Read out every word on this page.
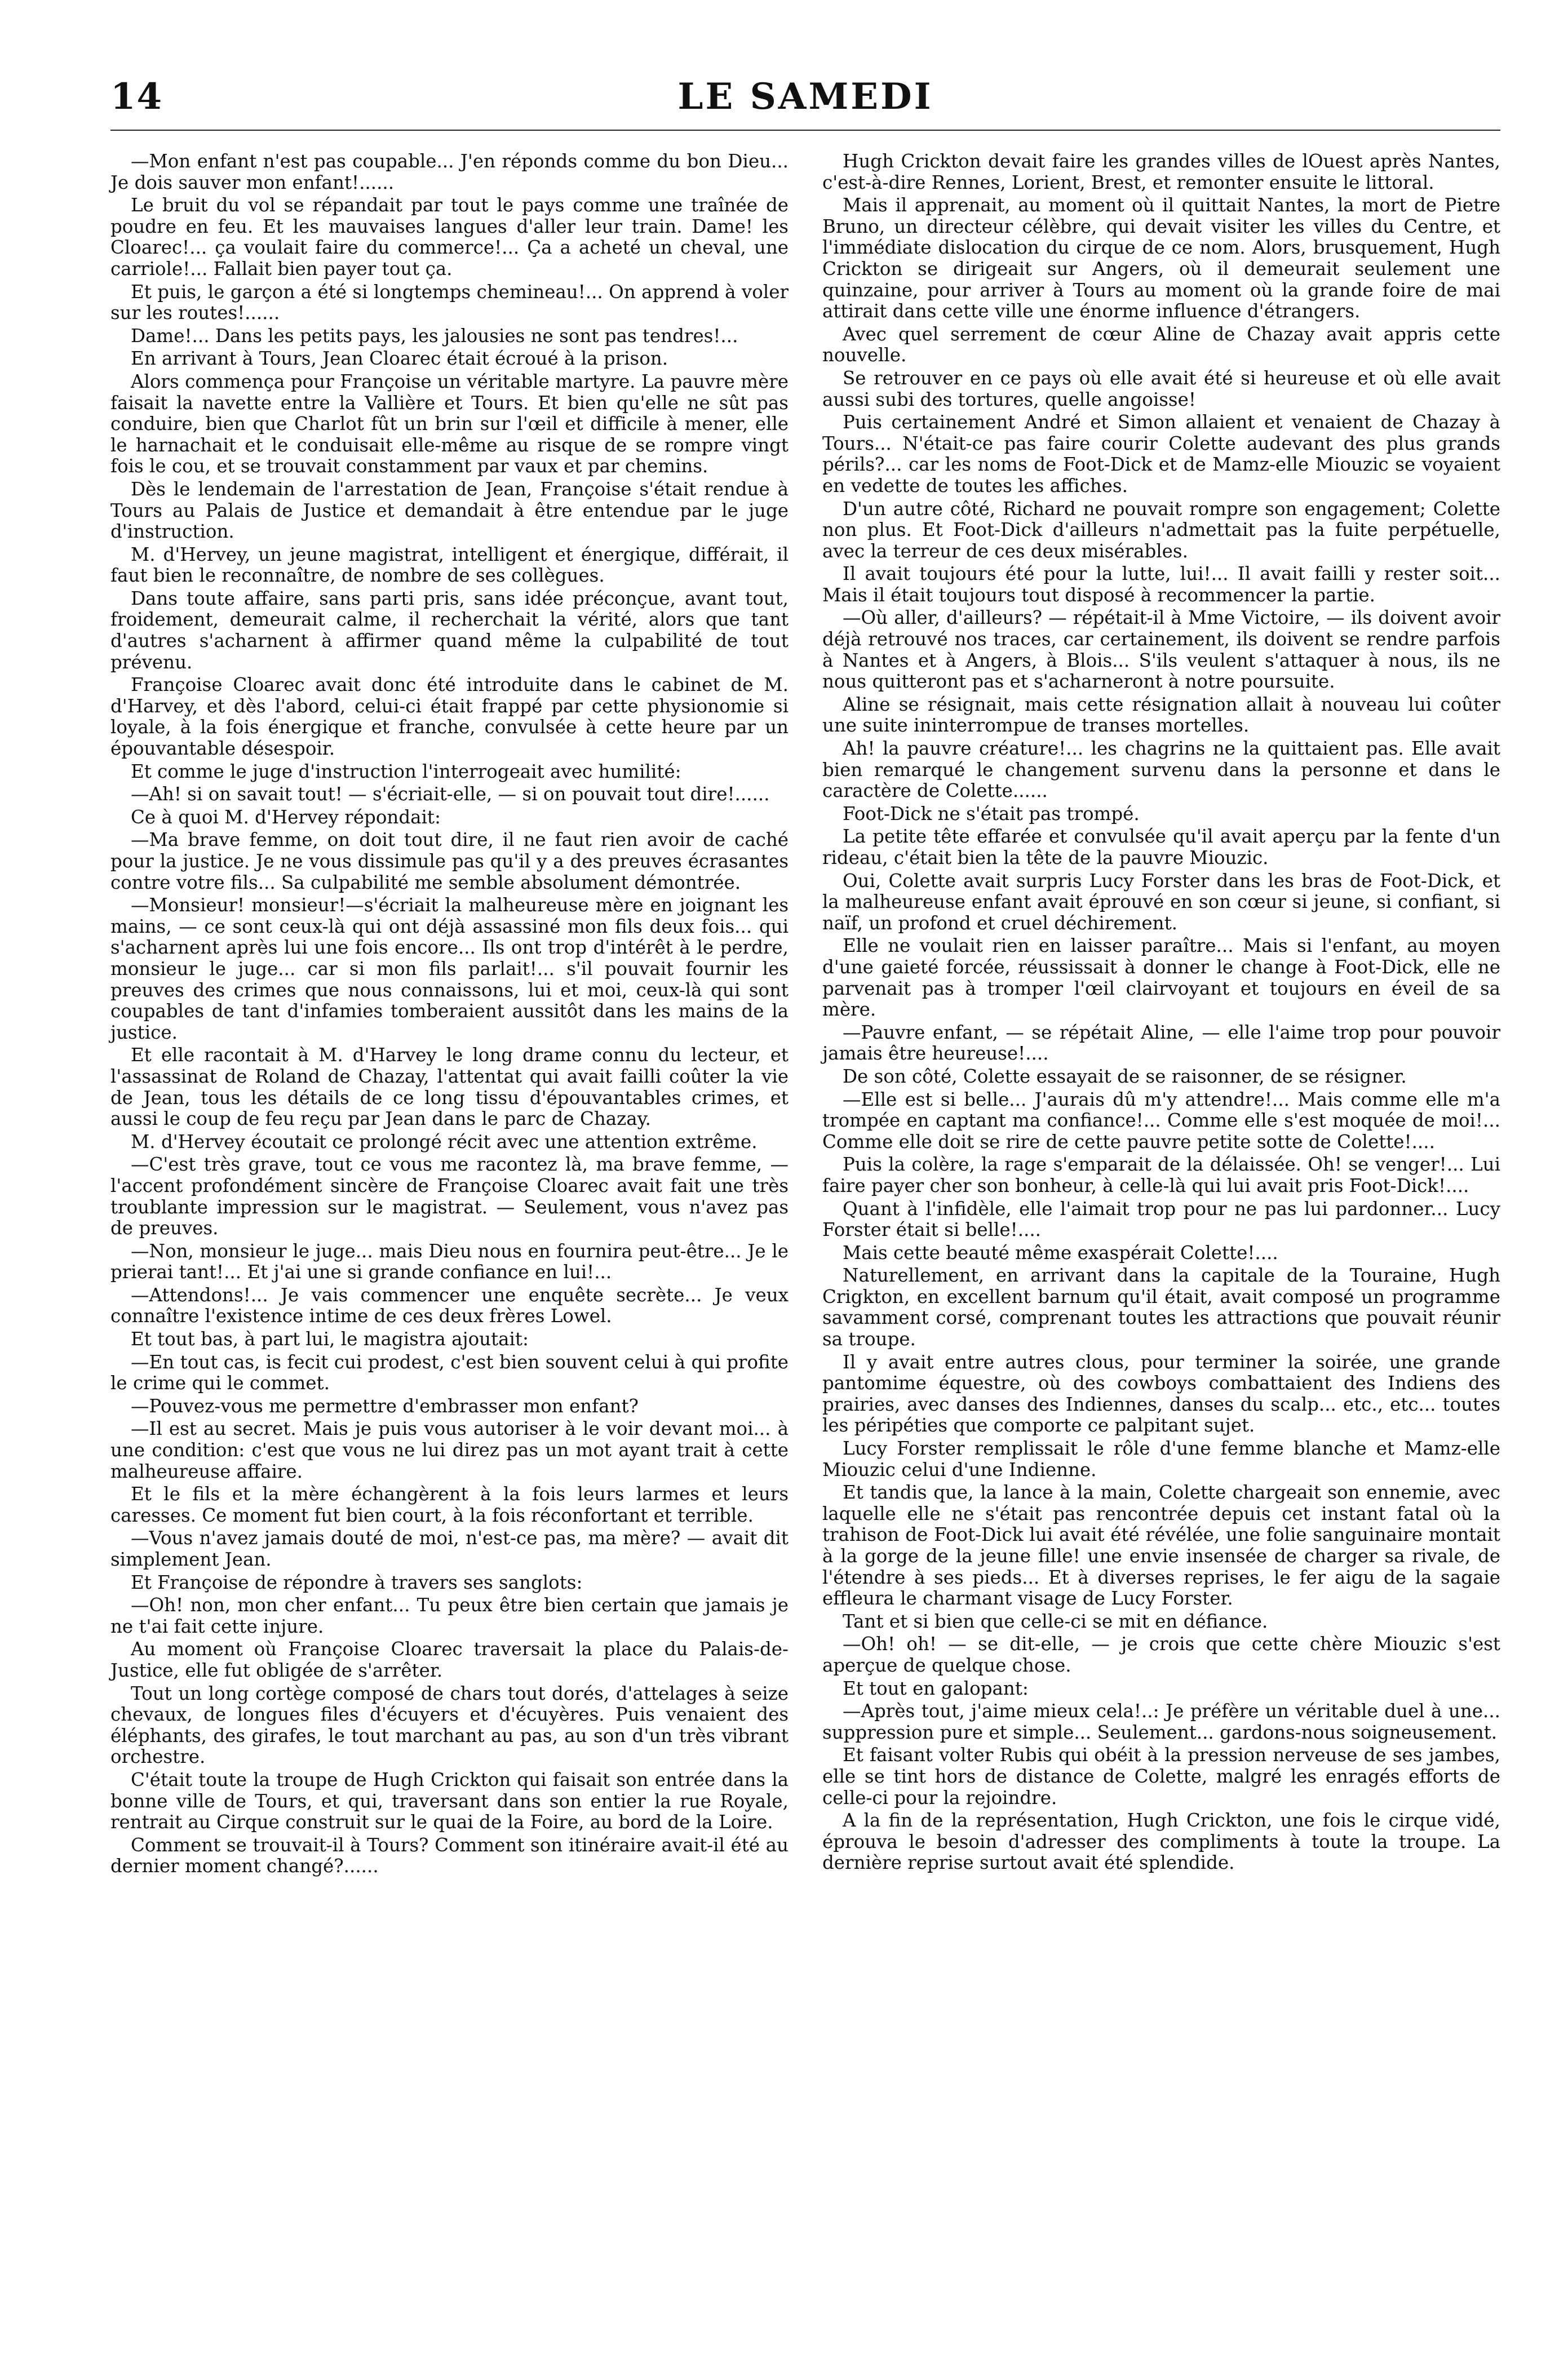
14	LE SAMEDI

—Mon enfant n'est pas coupable... J'en réponds comme du bon Dieu... Je dois sauver mon enfant!......

Le bruit du vol se répandait par tout le pays comme une traînée de poudre en feu. Et les mauvaises langues d'aller leur train. Dame! les Cloarec!... ça voulait faire du commerce!... Ça a acheté un cheval, une carriole!... Fallait bien payer tout ça.

Et puis, le garçon a été si longtemps chemineau!... On apprend à voler sur les routes!......

Dame!... Dans les petits pays, les jalousies ne sont pas tendres!...

En arrivant à Tours, Jean Cloarec était écroué à la prison.

Alors commença pour Françoise un véritable martyre. La pauvre mère faisait la navette entre la Vallière et Tours. Et bien qu'elle ne sût pas conduire, bien que Charlot fût un brin sur l'œil et difficile à mener, elle le harnachait et le conduisait elle-même au risque de se rompre vingt fois le cou, et se trouvait constamment par vaux et par chemins.

Dès le lendemain de l'arrestation de Jean, Françoise s'était rendue à Tours au Palais de Justice et demandait à être entendue par le juge d'instruction.

M. d'Hervey, un jeune magistrat, intelligent et énergique, différait, il faut bien le reconnaître, de nombre de ses collègues.

Dans toute affaire, sans parti pris, sans idée préconçue, avant tout, froidement, demeurait calme, il recherchait la vérité, alors que tant d'autres s'acharnent à affirmer quand même la culpabilité de tout prévenu.

Françoise Cloarec avait donc été introduite dans le cabinet de M. d'Harvey, et dès l'abord, celui-ci était frappé par cette physionomie si loyale, à la fois énergique et franche, convulsée à cette heure par un épouvantable désespoir.

Et comme le juge d'instruction l'interrogeait avec humilité:

—Ah! si on savait tout! — s'écriait-elle, — si on pouvait tout dire!......

Ce à quoi M. d'Hervey répondait:

—Ma brave femme, on doit tout dire, il ne faut rien avoir de caché pour la justice. Je ne vous dissimule pas qu'il y a des preuves écrasantes contre votre fils... Sa culpabilité me semble absolument démontrée.

—Monsieur! monsieur!—s'écriait la malheureuse mère en joignant les mains, — ce sont ceux-là qui ont déjà assassiné mon fils deux fois... qui s'acharnent après lui une fois encore... Ils ont trop d'intérêt à le perdre, monsieur le juge... car si mon fils parlait!... s'il pouvait fournir les preuves des crimes que nous connaissons, lui et moi, ceux-là qui sont coupables de tant d'infamies tomberaient aussitôt dans les mains de la justice.

Et elle racontait à M. d'Harvey le long drame connu du lecteur, et l'assassinat de Roland de Chazay, l'attentat qui avait failli coûter la vie de Jean, tous les détails de ce long tissu d'épouvantables crimes, et aussi le coup de feu reçu par Jean dans le parc de Chazay.

M. d'Hervey écoutait ce prolongé récit avec une attention extrême.

—C'est très grave, tout ce vous me racontez là, ma brave femme, — l'accent profondément sincère de Françoise Cloarec avait fait une très troublante impression sur le magistrat. — Seulement, vous n'avez pas de preuves.

—Non, monsieur le juge... mais Dieu nous en fournira peut-être... Je le prierai tant!... Et j'ai une si grande confiance en lui!...

—Attendons!... Je vais commencer une enquête secrète... Je veux connaître l'existence intime de ces deux frères Lowel.

Et tout bas, à part lui, le magistra ajoutait:

—En tout cas, is fecit cui prodest, c'est bien souvent celui à qui profite le crime qui le commet.

—Pouvez-vous me permettre d'embrasser mon enfant?

—Il est au secret. Mais je puis vous autoriser à le voir devant moi... à une condition: c'est que vous ne lui direz pas un mot ayant trait à cette malheureuse affaire.

Et le fils et la mère échangèrent à la fois leurs larmes et leurs caresses. Ce moment fut bien court, à la fois réconfortant et terrible.

—Vous n'avez jamais douté de moi, n'est-ce pas, ma mère? — avait dit simplement Jean.

Et Françoise de répondre à travers ses sanglots:

—Oh! non, mon cher enfant... Tu peux être bien certain que jamais je ne t'ai fait cette injure.

Au moment où Françoise Cloarec traversait la place du Palais-de-Justice, elle fut obligée de s'arrêter.

Tout un long cortège composé de chars tout dorés, d'attelages à seize chevaux, de longues files d'écuyers et d'écuyères. Puis venaient des éléphants, des girafes, le tout marchant au pas, au son d'un très vibrant orchestre.

C'était toute la troupe de Hugh Crickton qui faisait son entrée dans la bonne ville de Tours, et qui, traversant dans son entier la rue Royale, rentrait au Cirque construit sur le quai de la Foire, au bord de la Loire.

Comment se trouvait-il à Tours? Comment son itinéraire avait-il été au dernier moment changé?......

Hugh Crickton devait faire les grandes villes de lOuest après Nantes, c'est-à-dire Rennes, Lorient, Brest, et remonter ensuite le littoral.

Mais il apprenait, au moment où il quittait Nantes, la mort de Pietre Bruno, un directeur célèbre, qui devait visiter les villes du Centre, et l'immédiate dislocation du cirque de ce nom. Alors, brusquement, Hugh Crickton se dirigeait sur Angers, où il demeurait seulement une quinzaine, pour arriver à Tours au moment où la grande foire de mai attirait dans cette ville une énorme influence d'étrangers.

Avec quel serrement de cœur Aline de Chazay avait appris cette nouvelle.

Se retrouver en ce pays où elle avait été si heureuse et où elle avait aussi subi des tortures, quelle angoisse!

Puis certainement André et Simon allaient et venaient de Chazay à Tours... N'était-ce pas faire courir Colette audevant des plus grands périls?... car les noms de Foot-Dick et de Mamz-elle Miouzic se voyaient en vedette de toutes les affiches.

D'un autre côté, Richard ne pouvait rompre son engagement; Colette non plus. Et Foot-Dick d'ailleurs n'admettait pas la fuite perpétuelle, avec la terreur de ces deux misérables.

Il avait toujours été pour la lutte, lui!... Il avait failli y rester soit... Mais il était toujours tout disposé à recommencer la partie.

—Où aller, d'ailleurs? — répétait-il à Mme Victoire, — ils doivent avoir déjà retrouvé nos traces, car certainement, ils doivent se rendre parfois à Nantes et à Angers, à Blois... S'ils veulent s'attaquer à nous, ils ne nous quitteront pas et s'acharneront à notre poursuite.

Aline se résignait, mais cette résignation allait à nouveau lui coûter une suite ininterrompue de transes mortelles.

Ah! la pauvre créature!... les chagrins ne la quittaient pas. Elle avait bien remarqué le changement survenu dans la personne et dans le caractère de Colette......

Foot-Dick ne s'était pas trompé.

La petite tête effarée et convulsée qu'il avait aperçu par la fente d'un rideau, c'était bien la tête de la pauvre Miouzic.

Oui, Colette avait surpris Lucy Forster dans les bras de Foot-Dick, et la malheureuse enfant avait éprouvé en son cœur si jeune, si confiant, si naïf, un profond et cruel déchirement.

Elle ne voulait rien en laisser paraître... Mais si l'enfant, au moyen d'une gaieté forcée, réussissait à donner le change à Foot-Dick, elle ne parvenait pas à tromper l'œil clairvoyant et toujours en éveil de sa mère.

—Pauvre enfant, — se répétait Aline, — elle l'aime trop pour pouvoir jamais être heureuse!....

De son côté, Colette essayait de se raisonner, de se résigner.

—Elle est si belle... J'aurais dû m'y attendre!... Mais comme elle m'a trompée en captant ma confiance!... Comme elle s'est moquée de moi!... Comme elle doit se rire de cette pauvre petite sotte de Colette!....

Puis la colère, la rage s'emparait de la délaissée. Oh! se venger!... Lui faire payer cher son bonheur, à celle-là qui lui avait pris Foot-Dick!....

Quant à l'infidèle, elle l'aimait trop pour ne pas lui pardonner... Lucy Forster était si belle!....

Mais cette beauté même exaspérait Colette!....

Naturellement, en arrivant dans la capitale de la Touraine, Hugh Crigkton, en excellent barnum qu'il était, avait composé un programme savamment corsé, comprenant toutes les attractions que pouvait réunir sa troupe.

Il y avait entre autres clous, pour terminer la soirée, une grande pantomime équestre, où des cowboys combattaient des Indiens des prairies, avec danses des Indiennes, danses du scalp... etc., etc... toutes les péripéties que comporte ce palpitant sujet.

Lucy Forster remplissait le rôle d'une femme blanche et Mamz-elle Miouzic celui d'une Indienne.

Et tandis que, la lance à la main, Colette chargeait son ennemie, avec laquelle elle ne s'était pas rencontrée depuis cet instant fatal où la trahison de Foot-Dick lui avait été révélée, une folie sanguinaire montait à la gorge de la jeune fille! une envie insensée de charger sa rivale, de l'étendre à ses pieds... Et à diverses reprises, le fer aigu de la sagaie effleura le charmant visage de Lucy Forster.

Tant et si bien que celle-ci se mit en défiance.

—Oh! oh! — se dit-elle, — je crois que cette chère Miouzic s'est aperçue de quelque chose.

Et tout en galopant:

—Après tout, j'aime mieux cela!..: Je préfère un véritable duel à une... suppression pure et simple... Seulement... gardons-nous soigneusement.

Et faisant volter Rubis qui obéit à la pression nerveuse de ses jambes, elle se tint hors de distance de Colette, malgré les enragés efforts de celle-ci pour la rejoindre.

A la fin de la représentation, Hugh Crickton, une fois le cirque vidé, éprouva le besoin d'adresser des compliments à toute la troupe. La dernière reprise surtout avait été splendide.
